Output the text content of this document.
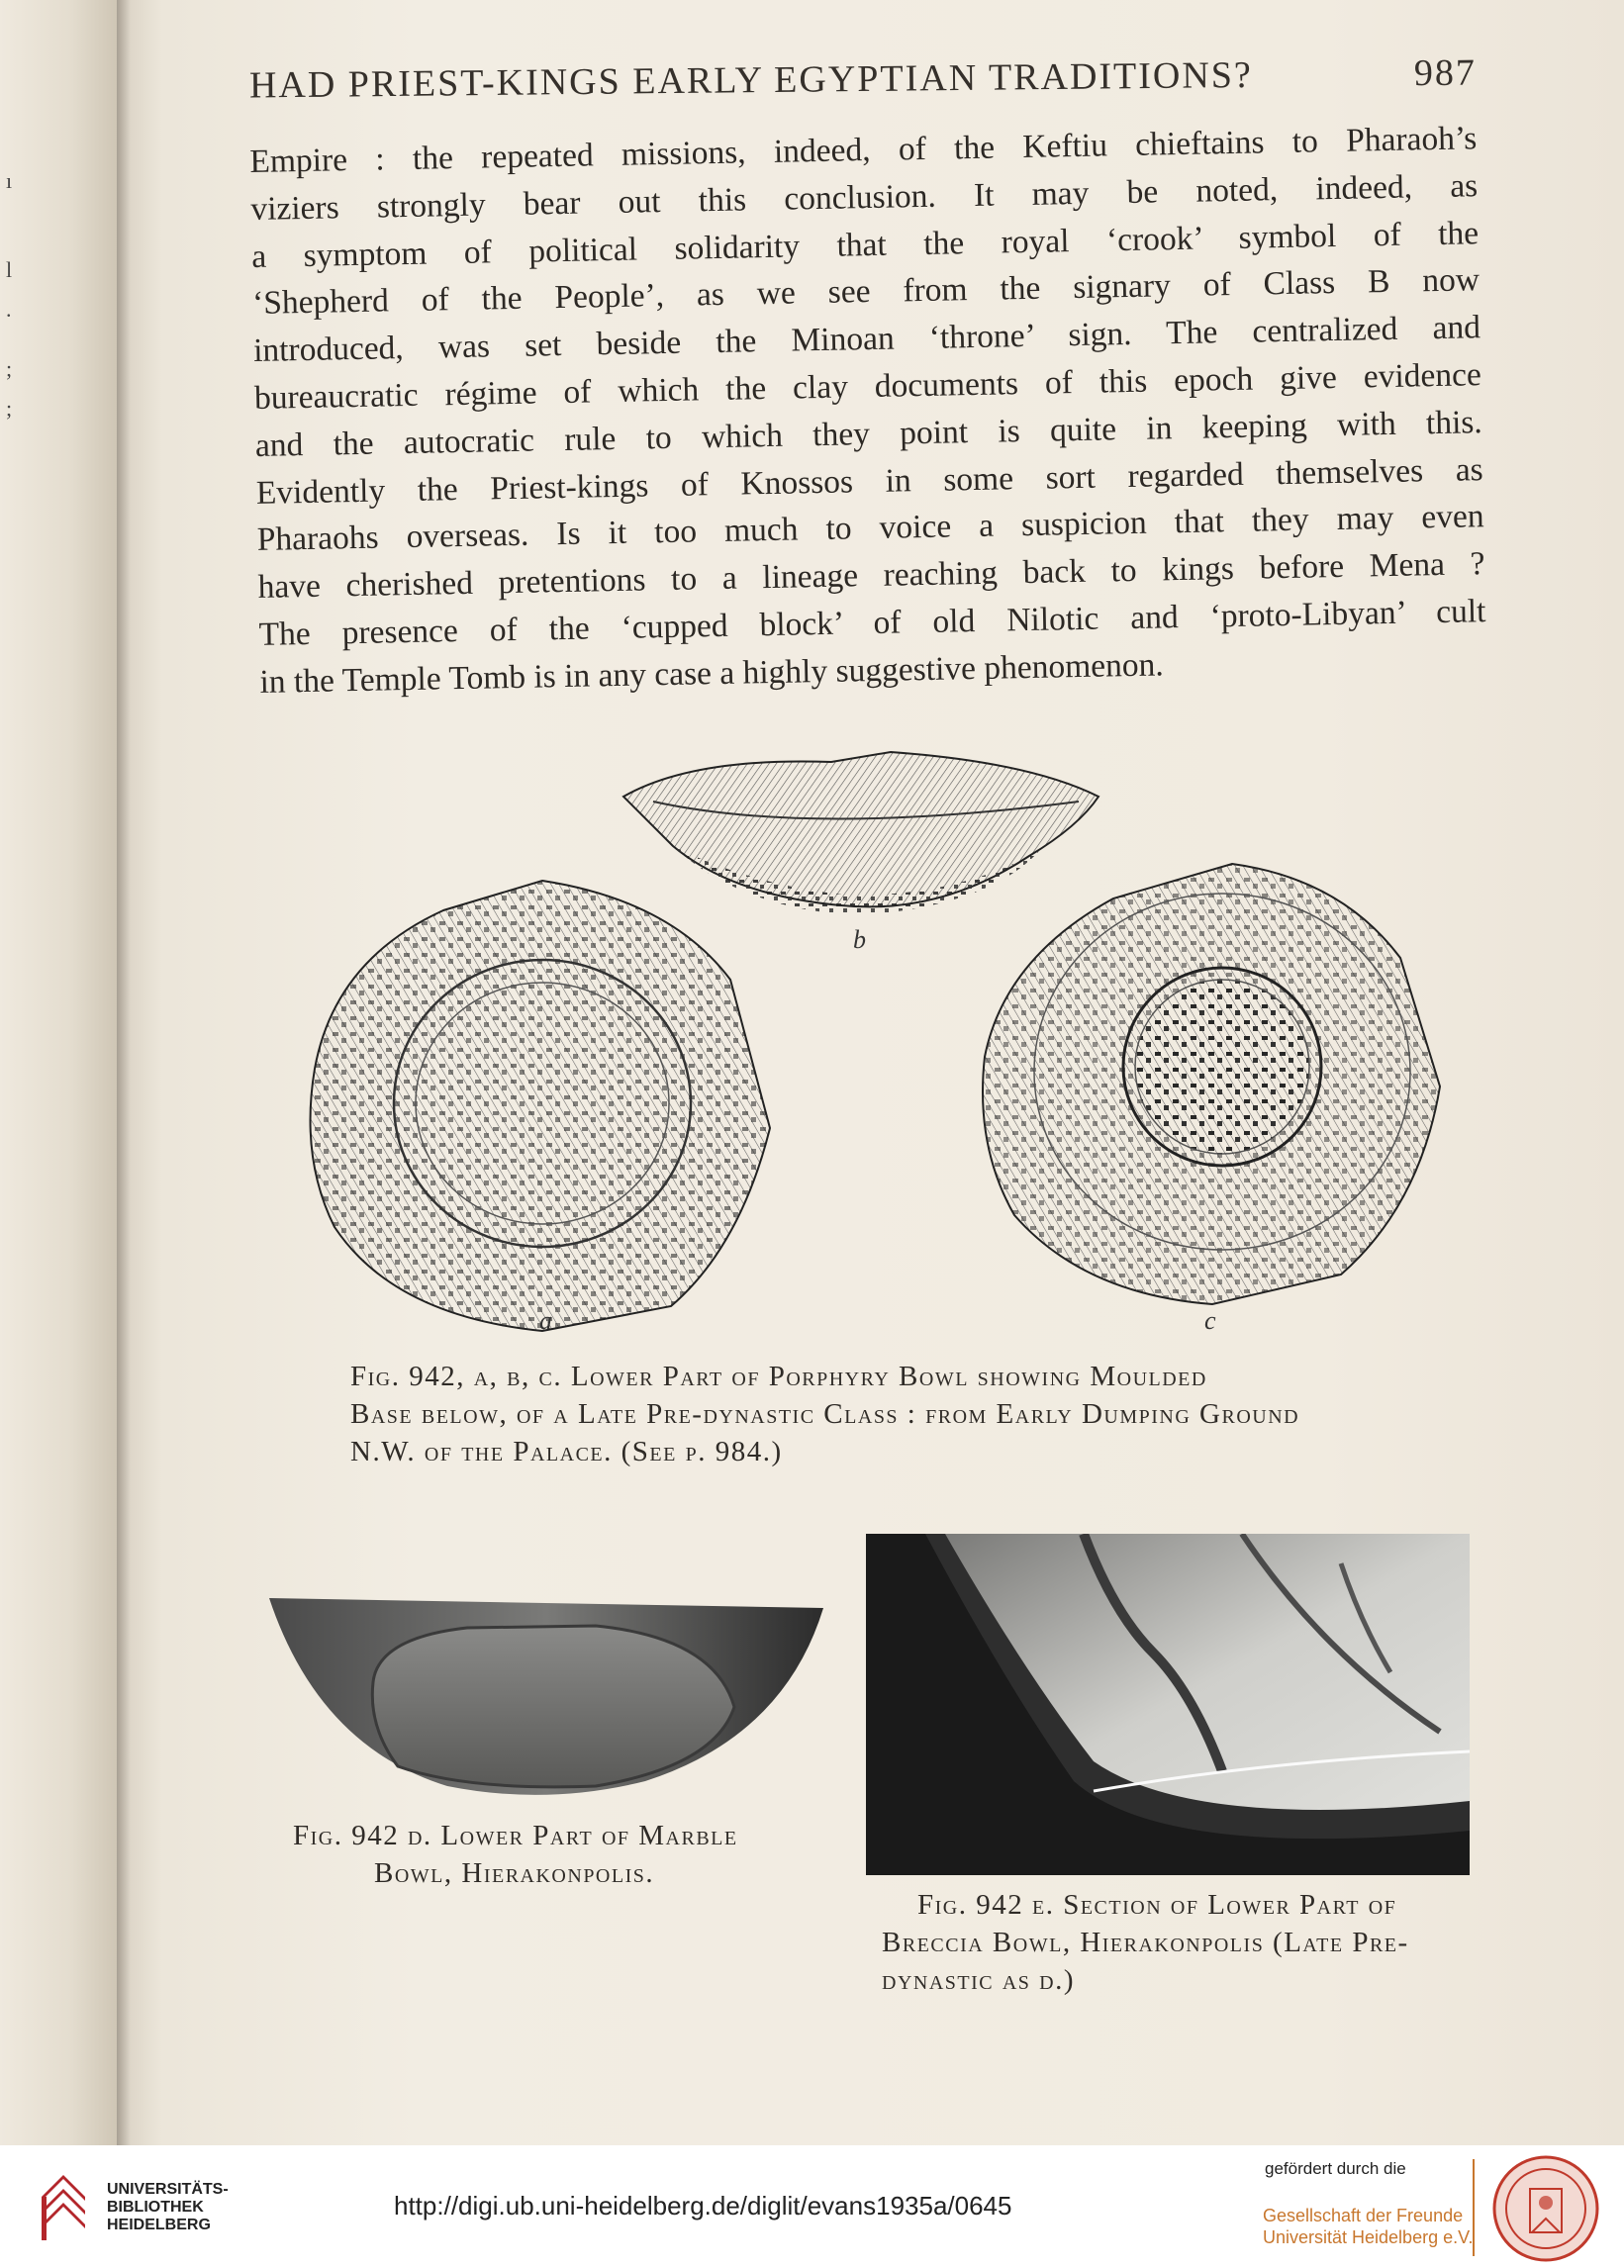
ı
l
.
;
;
HAD PRIEST-KINGS EARLY EGYPTIAN TRADITIONS?	987
Empire : the repeated missions, indeed, of the Keftiu chieftains to Pharaoh’s
viziers strongly bear out this conclusion. It may be noted, indeed, as
a symptom of political solidarity that the royal ‘crook’ symbol of the
‘Shepherd of the People’, as we see from the signary of Class B now
introduced, was set beside the Minoan ‘throne’ sign. The centralized and
bureaucratic régime of which the clay documents of this epoch give evidence
and the autocratic rule to which they point is quite in keeping with this.
Evidently the Priest-kings of Knossos in some sort regarded themselves as
Pharaohs overseas. Is it too much to voice a suspicion that they may even
have cherished pretentions to a lineage reaching back to kings before Mena ?
The presence of the ‘cupped block’ of old Nilotic and ‘proto-Libyan’ cult
in the Temple Tomb is in any case a highly suggestive phenomenon.
b
a	c
Fig. 942, a, b, c. Lower Part of Porphyry Bowl showing Moulded
Base below, of a Late Pre-dynastic Class : from Early Dumping Ground
N.W. of the Palace. (See p. 984.)
Fig. 942 d. Lower Part of Marble
Bowl, Hierakonpolis.
Fig. 942 e. Section of Lower Part of
Breccia Bowl, Hierakonpolis (Late Pre-
dynastic as d.)
UNIVERSITÄTS-
BIBLIOTHEK
HEIDELBERG
http://digi.ub.uni-heidelberg.de/diglit/evans1935a/0645
gefördert durch die
Gesellschaft der Freunde
Universität Heidelberg e.V.
